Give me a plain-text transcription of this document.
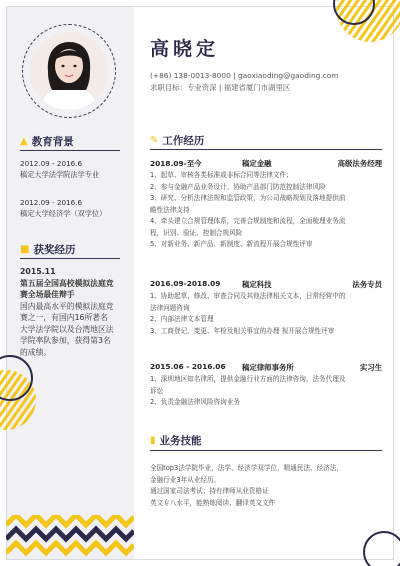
高晓定
(+86) 138-0013-8000 | gaoxiaoding@gaoding.com
求职目标：专业资深 | 福建省厦门市湖里区
▲ 教育背景
2012.09 - 2016.6
稿定大学法学院法学专业
2012.09 - 2016.6
稿定大学经济学（双学位）
■ 获奖经历
2015.11
第五届全国高校模拟法庭竞
赛全场最佳辩手
国内最高水平的模拟法庭竞
赛之一，有国内16所著名
大学法学院以及台湾地区法
学院率队参加，获得第3名
的成绩。
✎ 工作经历
2018.09-至今	稿定金融	高级法务经理
1、起草、审核各类标准或非标合同等法律文件；
2、参与金融产品业务设计、协助产品部门防范控制法律风险
3、研究、分析法律法规和监管政策，为公司战略规划及落地提供前
瞻性法律支持
4、牵头建立合规管理体系，完善合规制度和流程，全面梳理业务流
程，识别、验证、控制合规风险
5、对新业务、新产品、新制度、新流程开展合规性评审
2016.09-2018.09	稿定科技	法务专员
1、协助起草、修改、审查合同及其他法律相关文本，日常经营中的
法律问题咨询
2、内部法律文本管理
3、工商登记、变更、年检及相关事宜的办理 视开展合规性评审
2015.06 - 2016.06	稿定律师事务所	实习生
1、深圳地区知名律所，提供金融行业方面的法律咨询、法务代理及
诉讼
2、负责金融法律风险咨询业务
▮ 业务技能
全国top3法学院毕业，法学、经济学双学位，精通民法、经济法，
金融行业3年从业经历。
通过国家司法考试；持有律师从业资格证
英文专八水平，能熟练阅读、翻译英文文件
